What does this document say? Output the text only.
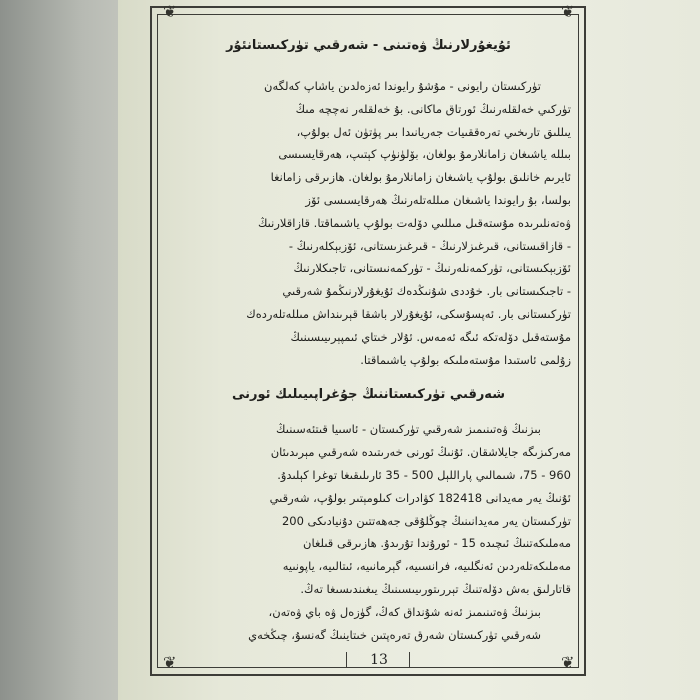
❦	❦
❦	❦
ئۇيغۇرلارنىڭ ۋەتىنى - شەرقىي تۈركىستانئۇر

تۈركىستان رايونى - مۇشۇ رايوندا ئەزەلدىن ياشاپ كەلگەن
تۈركىي خەلقلەرنىڭ ئورتاق ماكانى. بۇ خەلقلەر نەچچە مىڭ
يىللىق تارىخىي تەرەققىيات جەريانىدا بىر پۈتۈن ئەل بولۇپ،
بىللە ياشىغان زامانلارمۇ بولغان، بۆلۈنۈپ كېتىپ، ھەرقايسىسى
ئايرىم خانلىق بولۇپ ياشىغان زامانلارمۇ بولغان. ھازىرقى زامانغا
بولسا، بۇ رايوندا ياشىغان مىللەتلەرنىڭ ھەرقايسىسى ئۆز
ۋەتەنلىرىدە مۇستەقىل مىللىي دۆلەت بولۇپ ياشىماقتا. قازاقلارنىڭ
- قازاقىستانى، قىرغىزلارنىڭ - قىرغىزىستانى، ئۆزبېكلەرنىڭ -
ئۆزبېكىستانى، تۈركمەنلەرنىڭ - تۈركمەنىستانى، تاجىكلارنىڭ
- تاجىكىستانى بار. خۇددى شۇنىڭدەك ئۇيغۇرلارنىڭمۇ شەرقىي
تۈركىستانى بار. ئەپسۇسكى، ئۇيغۇرلار باشقا قېرىنداش مىللەتلەردەك
مۇستەقىل دۆلەتكە ئىگە ئەمەس. ئۇلار خىتاي ئىمپېرىيىسىنىڭ
زۇلمى ئاستىدا مۇستەملىكە بولۇپ ياشىماقتا.

شەرقىي تۈركىستاننىڭ جۇغراپىيىلىك ئورنى

بىزنىڭ ۋەتىنىمىز شەرقىي تۈركىستان - ئاسىيا قىتئەسىنىڭ
مەركىزىگە جايلاشقان. ئۇنىڭ ئورنى خەرىتىدە شەرقىي مېرىدىئان
960 - 75، شىمالىي پاراللېل 500 - 35 ئارىلىقىغا توغرا كېلىدۇ.
ئۇنىڭ يەر مەيدانى 182418 كۋادرات كىلومېتىر بولۇپ، شەرقىي
تۈركىستان يەر مەيدانىنىڭ چوڭلۇقى جەھەتتىن دۇنيادىكى 200
مەملىكەتنىڭ ئىچىدە 15 - ئورۇندا تۇرىدۇ. ھازىرقى قىلغان
مەملىكەتلەردىن ئەنگلىيە، فرانسىيە، گېرمانىيە، ئىتالىيە، ياپونىيە
قاتارلىق بەش دۆلەتنىڭ تېررىتورىيىسىنىڭ يىغىندىسىغا تەڭ.
بىزنىڭ ۋەتىنىمىز ئەنە شۇنداق كەڭ، گۈزەل ۋە باي ۋەتەن،
شەرقىي تۈركىستان شەرق تەرەپتىن خىتاينىڭ گەنسۇ، چىڭخەي

13
